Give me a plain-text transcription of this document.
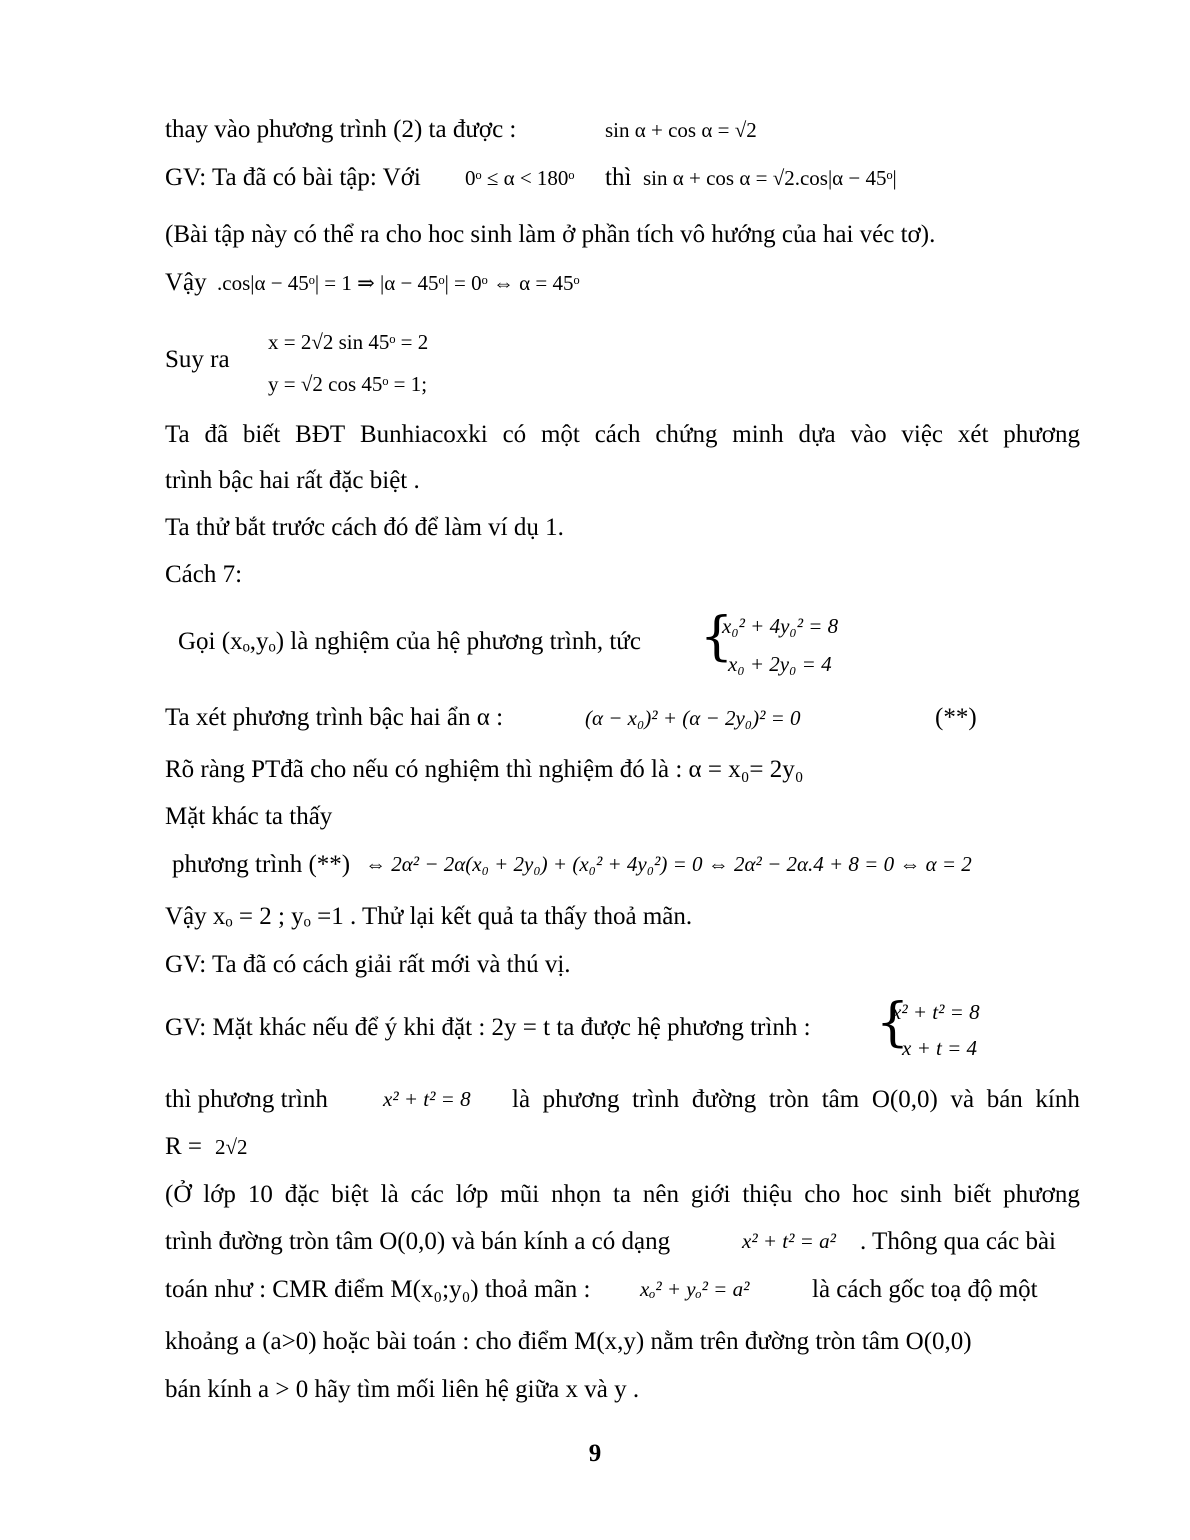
thay vào phương trình (2) ta được :	sin α + cos α = √2
GV: Ta đã có bài tập: Với 0ᵒ ≤ α < 180ᵒ thì sin α + cos α = √2.cos|α − 45ᵒ|
(Bài tập này có thể ra cho hoc sinh làm ở phần tích vô hướng của hai véc tơ).
Vậy .cos|α − 45ᵒ| = 1 ⇒ |α − 45ᵒ| = 0ᵒ ⇔ α = 45ᵒ
Suy ra
x = 2√2 sin 45ᵒ = 2
y = √2 cos 45ᵒ = 1;
Ta đã biết BĐT Bunhiacoxki có một cách chứng minh dựa vào việc xét phương
trình bậc hai rất đặc biệt .
Ta thử bắt trước cách đó để làm ví dụ 1.
Cách 7:
Gọi (xₒ,yₒ) là nghiệm của hệ phương trình, tức {
x₀² + 4y₀² = 8
x₀ + 2y₀ = 4
Ta xét phương trình bậc hai ẩn α :	(α − x₀)² + (α − 2y₀)² = 0	(**)
Rõ ràng PTđã cho nếu có nghiệm thì nghiệm đó là : α = x₀= 2y₀
Mặt khác ta thấy
phương trình (**) ⇔ 2α² − 2α(x₀ + 2y₀) + (x₀² + 4y₀²) = 0 ⇔ 2α² − 2α.4 + 8 = 0 ⇔ α = 2
Vậy xₒ = 2 ; yₒ =1 . Thử lại kết quả ta thấy thoả mãn.
GV: Ta đã có cách giải rất mới và thú vị.
GV: Mặt khác nếu để ý khi đặt : 2y = t ta được hệ phương trình : {
x² + t² = 8
x + t = 4
thì phương trình	x² + t² = 8 là phương trình đường tròn tâm O(0,0) và bán kính
R = 2√2
(Ở lớp 10 đặc biệt là các lớp mũi nhọn ta nên giới thiệu cho hoc sinh biết phương
trình đường tròn tâm O(0,0) và bán kính a có dạng	x² + t² = a² . Thông qua các bài
toán như : CMR điểm M(x₀;y₀) thoả mãn : xₒ² + yₒ² = a²	là cách gốc toạ độ một
khoảng a (a>0) hoặc bài toán : cho điểm M(x,y) nằm trên đường tròn tâm O(0,0)
bán kính a > 0 hãy tìm mối liên hệ giữa x và y .
9
